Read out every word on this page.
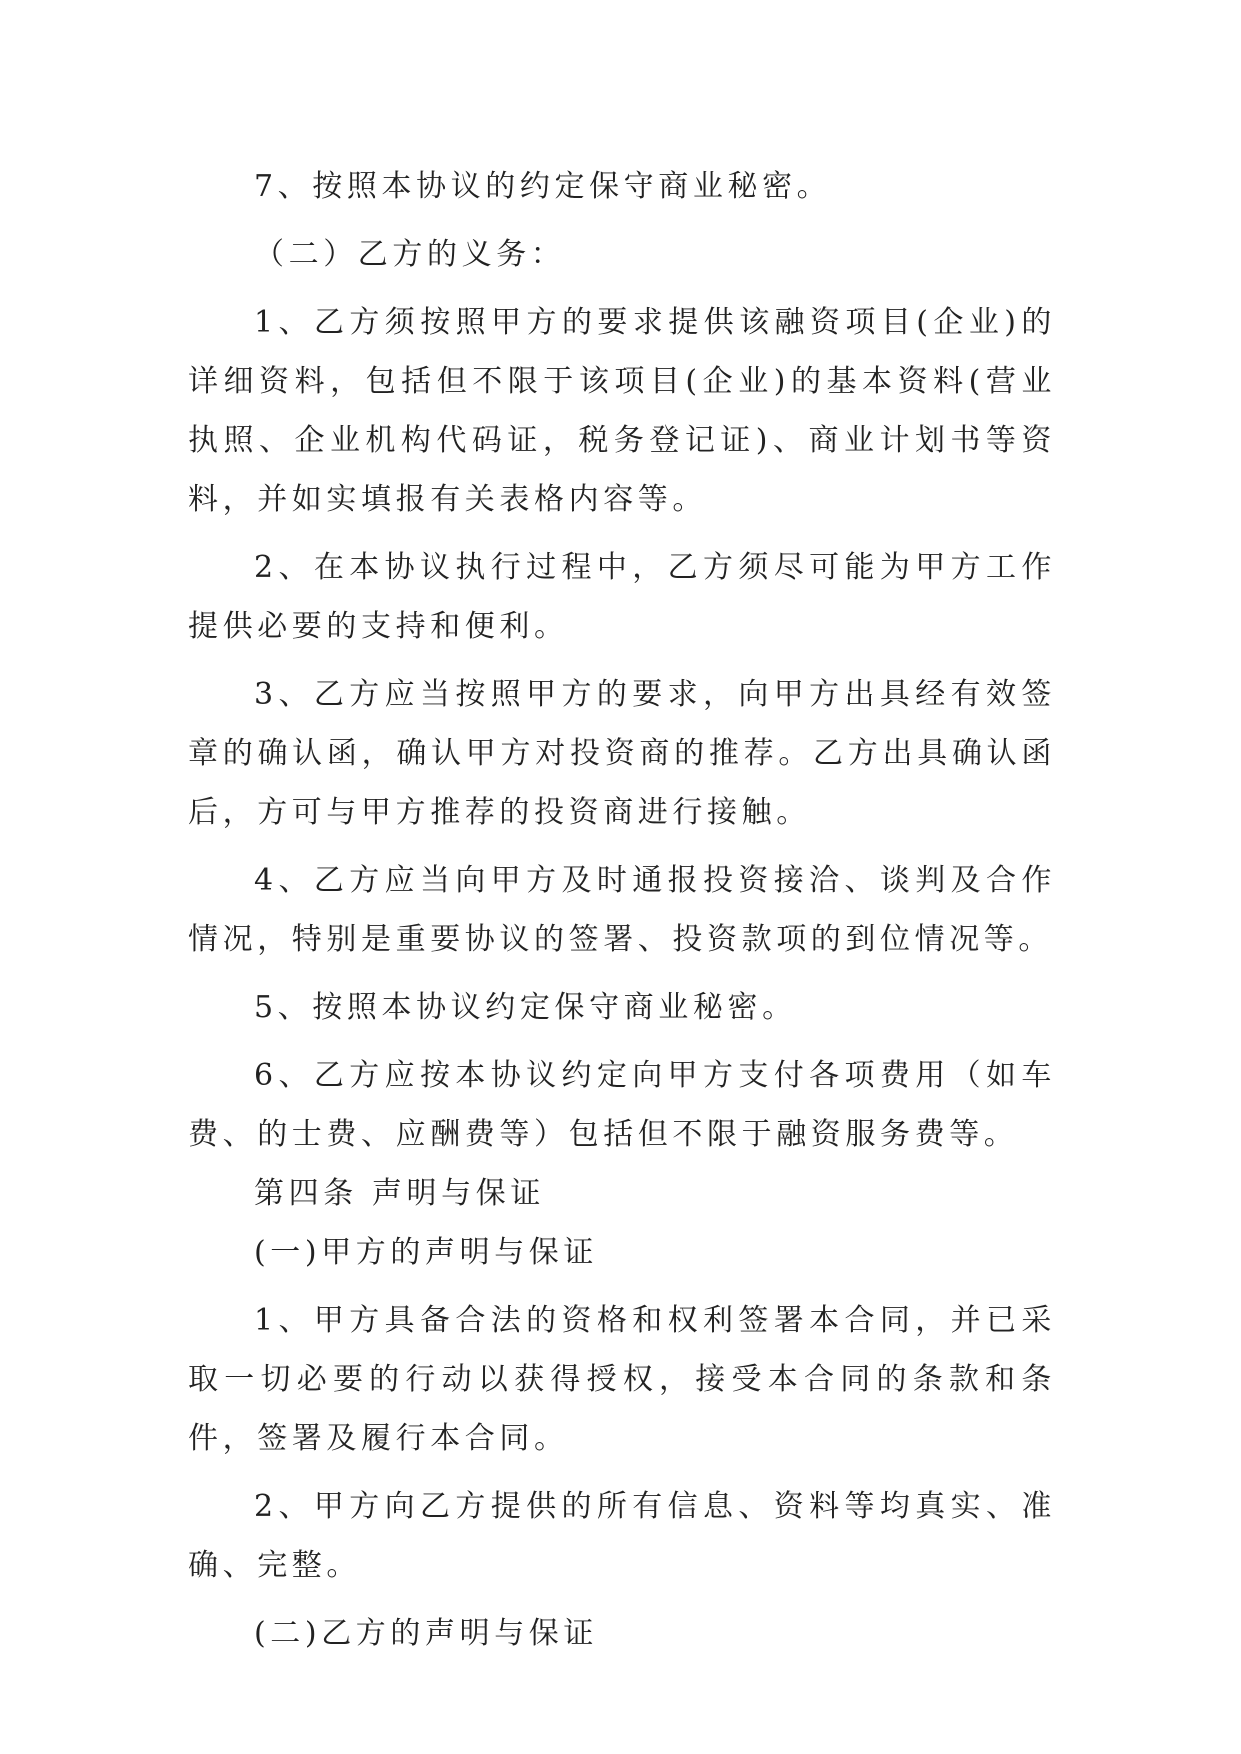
7、按照本协议的约定保守商业秘密。

（二）乙方的义务：

1、乙方须按照甲方的要求提供该融资项目(企业)的详细资料，包括但不限于该项目(企业)的基本资料(营业执照、企业机构代码证，税务登记证)、商业计划书等资料，并如实填报有关表格内容等。

2、在本协议执行过程中，乙方须尽可能为甲方工作提供必要的支持和便利。

3、乙方应当按照甲方的要求，向甲方出具经有效签章的确认函，确认甲方对投资商的推荐。乙方出具确认函后，方可与甲方推荐的投资商进行接触。

4、乙方应当向甲方及时通报投资接洽、谈判及合作情况，特别是重要协议的签署、投资款项的到位情况等。

5、按照本协议约定保守商业秘密。

6、乙方应按本协议约定向甲方支付各项费用（如车费、的士费、应酬费等）包括但不限于融资服务费等。

第四条 声明与保证

(一)甲方的声明与保证

1、甲方具备合法的资格和权利签署本合同，并已采取一切必要的行动以获得授权，接受本合同的条款和条件，签署及履行本合同。

2、甲方向乙方提供的所有信息、资料等均真实、准确、完整。

(二)乙方的声明与保证
